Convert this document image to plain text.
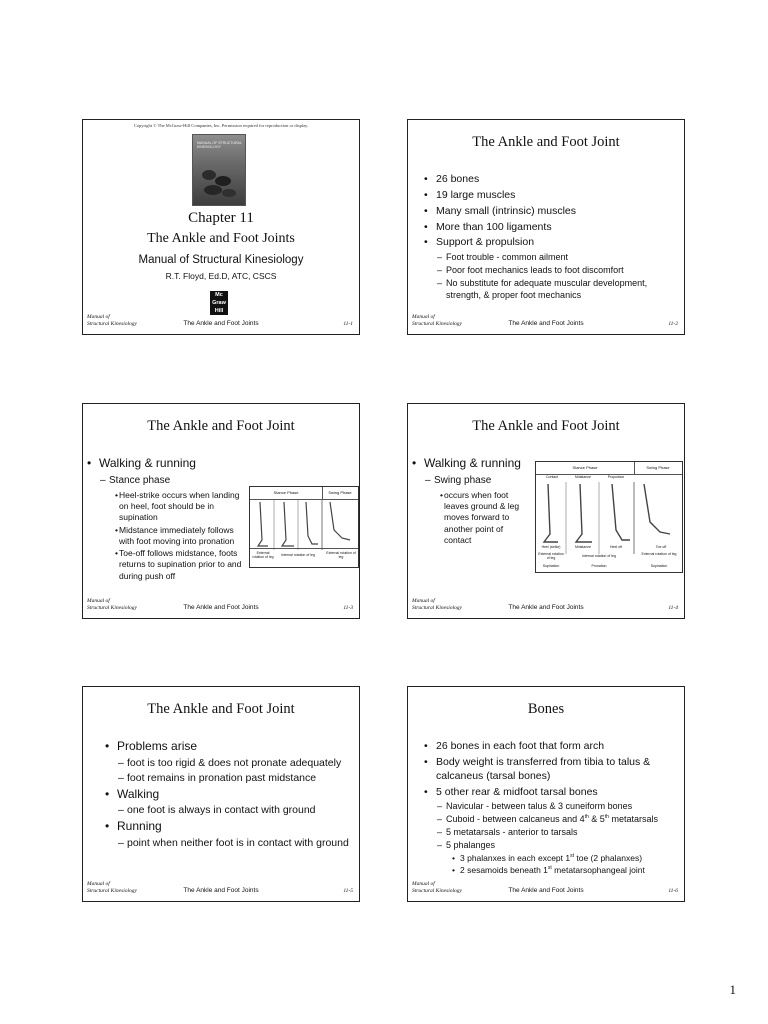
Copyright © The McGraw-Hill Companies, Inc. Permission required for reproduction or display.
MANUAL OF STRUCTURAL KINESIOLOGY
Chapter 11
The Ankle and Foot Joints
Manual of Structural Kinesiology
R.T. Floyd, Ed.D, ATC, CSCS
Mc
Graw
Hill
Manual of
Structural Kinesiology	The Ankle and Foot Joints	11-1
The Ankle and Foot Joint
• 26 bones
• 19 large muscles
• Many small (intrinsic) muscles
• More than 100 ligaments
• Support & propulsion
– Foot trouble - common ailment
– Poor foot mechanics leads to foot discomfort
– No substitute for adequate muscular development, strength, & proper foot mechanics
Manual of
Structural Kinesiology	The Ankle and Foot Joints	11-2
The Ankle and Foot Joint
• Walking & running
– Stance phase
• Heel-strike occurs when landing on heel, foot should be in supination
• Midstance immediately follows with foot moving into pronation
• Toe-off follows midstance, foots returns to supination prior to and during push off
Stance Phase	Swing Phase
External rotation of leg
Internal rotation of leg	External rotation of leg
Manual of
Structural Kinesiology	The Ankle and Foot Joints	11-3
The Ankle and Foot Joint
• Walking & running
– Swing phase
• occurs when foot leaves ground & leg moves forward to another point of contact
Stance Phase	Swing Phase
Contact	Midstance	Propulsion
Heel (strike)	Midstance	Heel off	Toe off
External rotation of leg
Internal rotation of leg	External rotation of leg
Supination	Pronation	Supination
Manual of
Structural Kinesiology	The Ankle and Foot Joints	11-4
The Ankle and Foot Joint
• Problems arise
– foot is too rigid & does not pronate adequately
– foot remains in pronation past midstance
• Walking
– one foot is always in contact with ground
• Running
– point when neither foot is in contact with ground
Manual of
Structural Kinesiology	The Ankle and Foot Joints	11-5
Bones
• 26 bones in each foot that form arch
• Body weight is transferred from tibia to talus & calcaneus (tarsal bones)
• 5 other rear & midfoot tarsal bones
– Navicular - between talus & 3 cuneiform bones
– Cuboid - between calcaneus and 4th & 5th metatarsals
– 5 metatarsals - anterior to tarsals
– 5 phalanges
• 3 phalanxes in each except 1st toe (2 phalanxes)
• 2 sesamoids beneath 1st metatarsophangeal joint
Manual of
Structural Kinesiology	The Ankle and Foot Joints	11-6
1
